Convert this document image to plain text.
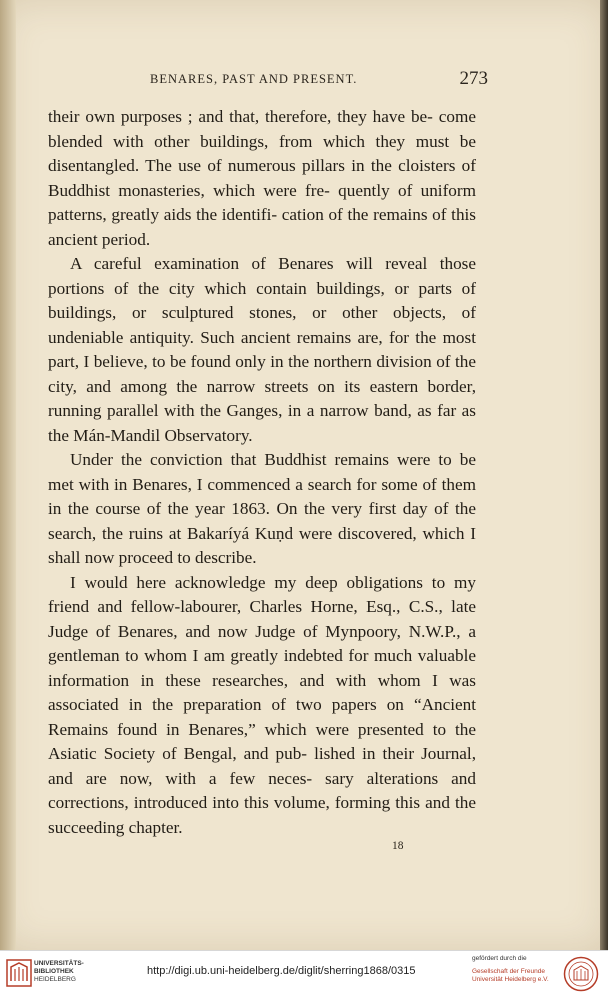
BENARES, PAST AND PRESENT.	273

their own purposes ; and that, therefore, they have be- come blended with other buildings, from which they must be disentangled. The use of numerous pillars in the cloisters of Buddhist monasteries, which were fre- quently of uniform patterns, greatly aids the identifi- cation of the remains of this ancient period.

A careful examination of Benares will reveal those portions of the city which contain buildings, or parts of buildings, or sculptured stones, or other objects, of undeniable antiquity. Such ancient remains are, for the most part, I believe, to be found only in the northern division of the city, and among the narrow streets on its eastern border, running parallel with the Ganges, in a narrow band, as far as the Mán-Mandil Observatory.

Under the conviction that Buddhist remains were to be met with in Benares, I commenced a search for some of them in the course of the year 1863. On the very first day of the search, the ruins at Bakaríyá Kuṇd were discovered, which I shall now proceed to describe.

I would here acknowledge my deep obligations to my friend and fellow-labourer, Charles Horne, Esq., C.S., late Judge of Benares, and now Judge of Mynpoory, N.W.P., a gentleman to whom I am greatly indebted for much valuable information in these researches, and with whom I was associated in the preparation of two papers on “Ancient Remains found in Benares,” which were presented to the Asiatic Society of Bengal, and pub- lished in their Journal, and are now, with a few neces- sary alterations and corrections, introduced into this volume, forming this and the succeeding chapter.

18
UNIVERSITÄTS-
BIBLIOTHEK
HEIDELBERG
http://digi.ub.uni-heidelberg.de/diglit/sherring1868/0315
gefördert durch die
Gesellschaft der Freunde
Universität Heidelberg e.V.
